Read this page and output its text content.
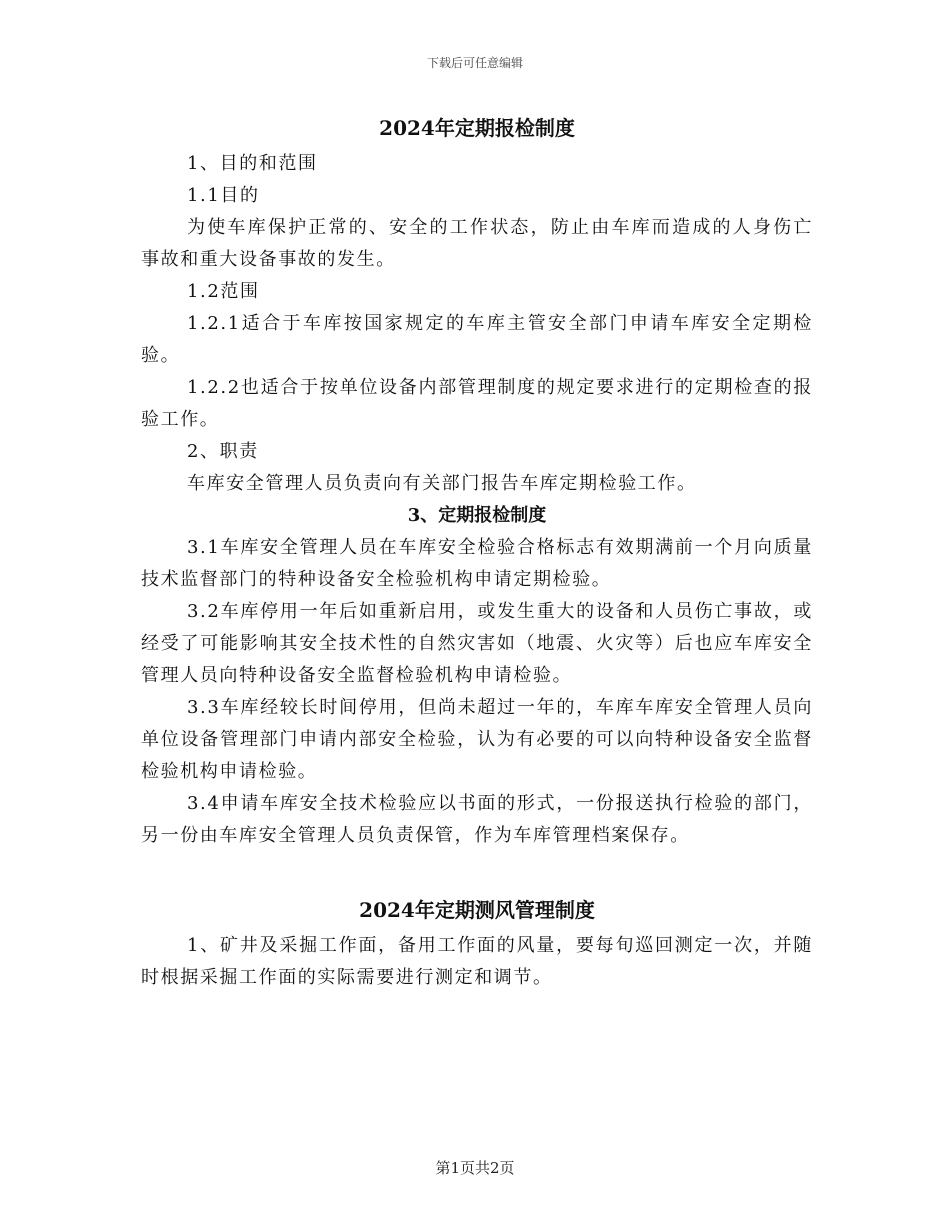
下载后可任意编辑
2024年定期报检制度

1、目的和范围

1.1目的

为使车库保护正常的、安全的工作状态，防止由车库而造成的人身伤亡事故和重大设备事故的发生。

1.2范围

1.2.1适合于车库按国家规定的车库主管安全部门申请车库安全定期检验。

1.2.2也适合于按单位设备内部管理制度的规定要求进行的定期检查的报验工作。

2、职责

车库安全管理人员负责向有关部门报告车库定期检验工作。

3、定期报检制度

3.1车库安全管理人员在车库安全检验合格标志有效期满前一个月向质量技术监督部门的特种设备安全检验机构申请定期检验。

3.2车库停用一年后如重新启用，或发生重大的设备和人员伤亡事故，或经受了可能影响其安全技术性的自然灾害如（地震、火灾等）后也应车库安全管理人员向特种设备安全监督检验机构申请检验。

3.3车库经较长时间停用，但尚未超过一年的，车库车库安全管理人员向单位设备管理部门申请内部安全检验，认为有必要的可以向特种设备安全监督检验机构申请检验。

3.4申请车库安全技术检验应以书面的形式，一份报送执行检验的部门，另一份由车库安全管理人员负责保管，作为车库管理档案保存。

2024年定期测风管理制度

1、矿井及采掘工作面，备用工作面的风量，要每旬巡回测定一次，并随时根据采掘工作面的实际需要进行测定和调节。

第1页共2页
